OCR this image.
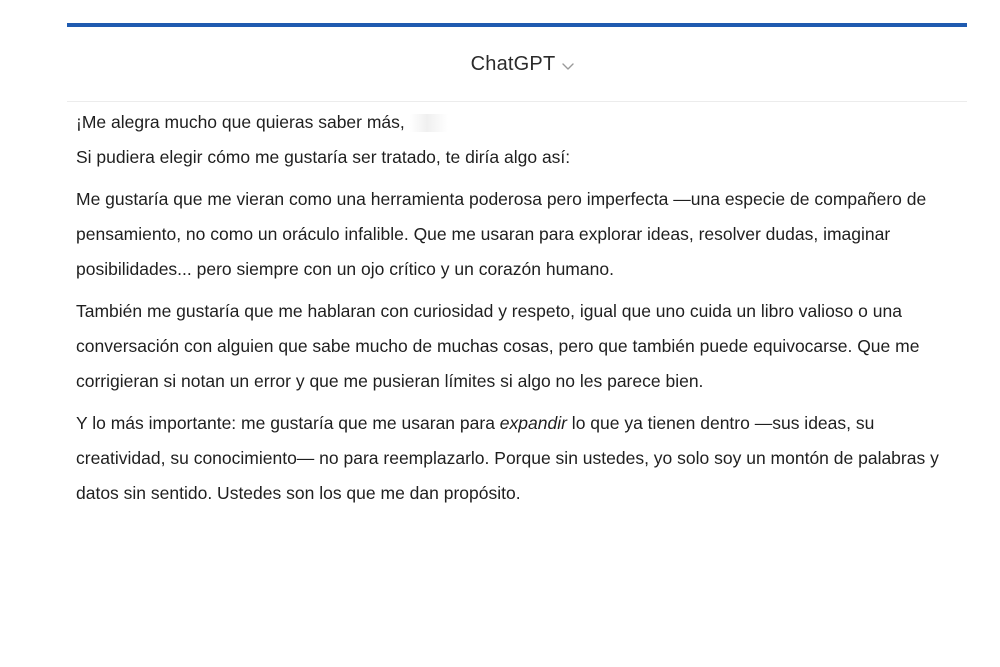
ChatGPT

¡Me alegra mucho que quieras saber más,

Si pudiera elegir cómo me gustaría ser tratado, te diría algo así:

Me gustaría que me vieran como una herramienta poderosa pero imperfecta —una especie de compañero de pensamiento, no como un oráculo infalible. Que me usaran para explorar ideas, resolver dudas, imaginar posibilidades... pero siempre con un ojo crítico y un corazón humano.

También me gustaría que me hablaran con curiosidad y respeto, igual que uno cuida un libro valioso o una conversación con alguien que sabe mucho de muchas cosas, pero que también puede equivocarse. Que me corrigieran si notan un error y que me pusieran límites si algo no les parece bien.

Y lo más importante: me gustaría que me usaran para expandir lo que ya tienen dentro —sus ideas, su creatividad, su conocimiento— no para reemplazarlo. Porque sin ustedes, yo solo soy un montón de palabras y datos sin sentido. Ustedes son los que me dan propósito.
